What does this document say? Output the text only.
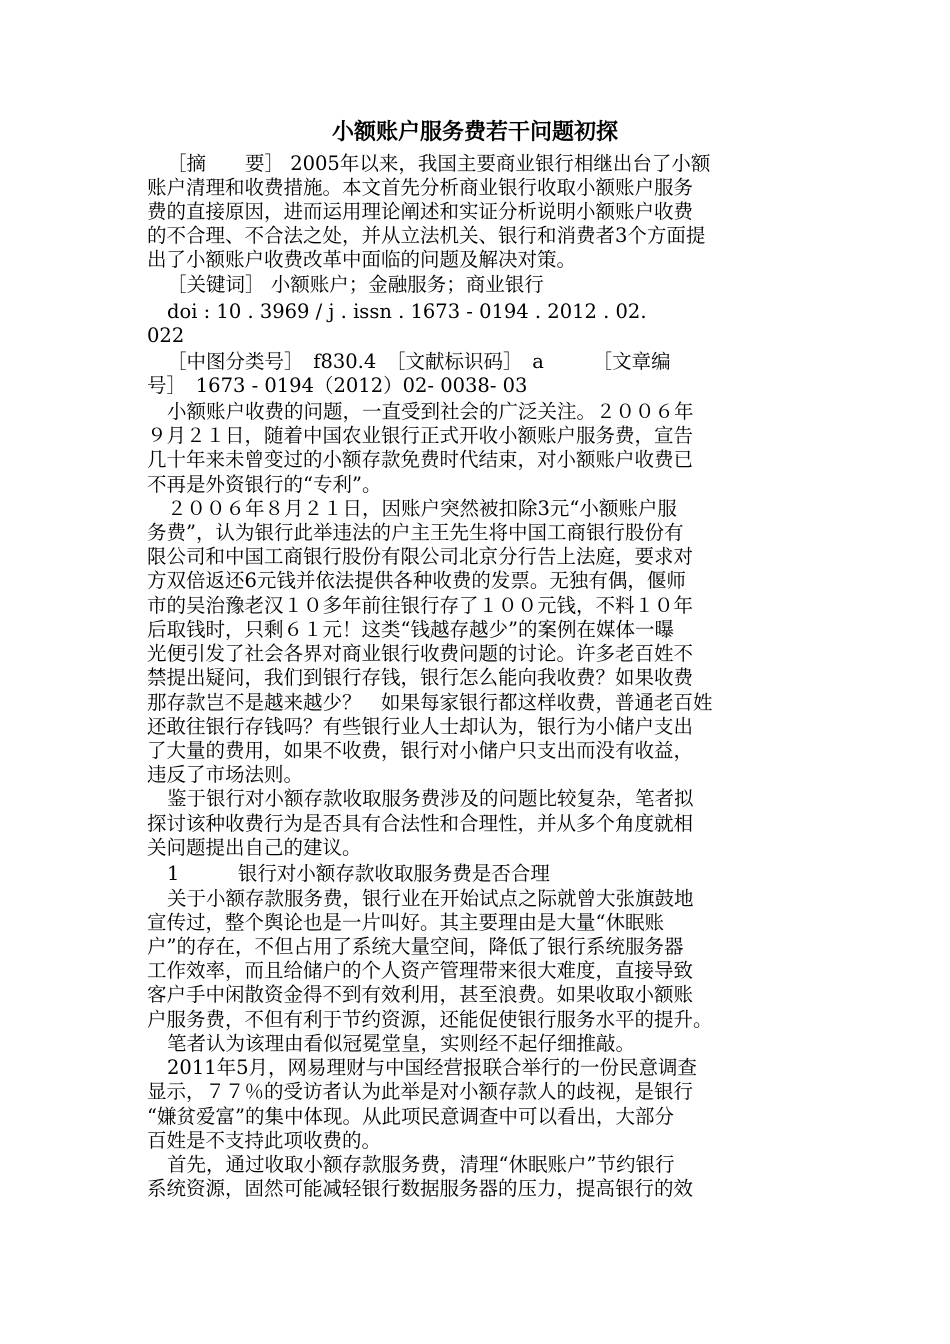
小额账户服务费若干问题初探
［摘　　要］ 2005年以来，我国主要商业银行相继出台了小额
账户清理和收费措施。本文首先分析商业银行收取小额账户服务
费的直接原因，进而运用理论阐述和实证分析说明小额账户收费
的不合理、不合法之处，并从立法机关、银行和消费者3个方面提
出了小额账户收费改革中面临的问题及解决对策。
［关键词］ 小额账户；金融服务；商业银行
doi : 10 . 3969 / j . issn . 1673 - 0194 . 2012 . 02.
022
［中图分类号］　f830.4　［文献标识码］　a　　　［文章编
号］　1673 - 0194（2012）02- 0038- 03
小额账户收费的问题，一直受到社会的广泛关注。２００６年
９月２１日，随着中国农业银行正式开收小额账户服务费，宣告
几十年来未曾变过的小额存款免费时代结束，对小额账户收费已
不再是外资银行的“专利”。
２００６年８月２１日，因账户突然被扣除3元“小额账户服
务费”，认为银行此举违法的户主王先生将中国工商银行股份有
限公司和中国工商银行股份有限公司北京分行告上法庭，要求对
方双倍返还6元钱并依法提供各种收费的发票。无独有偶，偃师
市的吴治豫老汉１０多年前往银行存了１００元钱，不料１０年
后取钱时，只剩６１元！这类“钱越存越少”的案例在媒体一曝
光便引发了社会各界对商业银行收费问题的讨论。许多老百姓不
禁提出疑问，我们到银行存钱，银行怎么能向我收费？如果收费
那存款岂不是越来越少？　如果每家银行都这样收费，普通老百姓
还敢往银行存钱吗？有些银行业人士却认为，银行为小储户支出
了大量的费用，如果不收费，银行对小储户只支出而没有收益，
违反了市场法则。
鉴于银行对小额存款收取服务费涉及的问题比较复杂，笔者拟
探讨该种收费行为是否具有合法性和合理性，并从多个角度就相
关问题提出自己的建议。
1　　　银行对小额存款收取服务费是否合理
关于小额存款服务费，银行业在开始试点之际就曾大张旗鼓地
宣传过，整个舆论也是一片叫好。其主要理由是大量“休眠账
户”的存在，不但占用了系统大量空间，降低了银行系统服务器
工作效率，而且给储户的个人资产管理带来很大难度，直接导致
客户手中闲散资金得不到有效利用，甚至浪费。如果收取小额账
户服务费，不但有利于节约资源，还能促使银行服务水平的提升。
笔者认为该理由看似冠冕堂皇，实则经不起仔细推敲。
2011年5月，网易理财与中国经营报联合举行的一份民意调查
显示，７７％的受访者认为此举是对小额存款人的歧视，是银行
“嫌贫爱富”的集中体现。从此项民意调查中可以看出，大部分
百姓是不支持此项收费的。
首先，通过收取小额存款服务费，清理“休眠账户”节约银行
系统资源，固然可能减轻银行数据服务器的压力，提高银行的效
